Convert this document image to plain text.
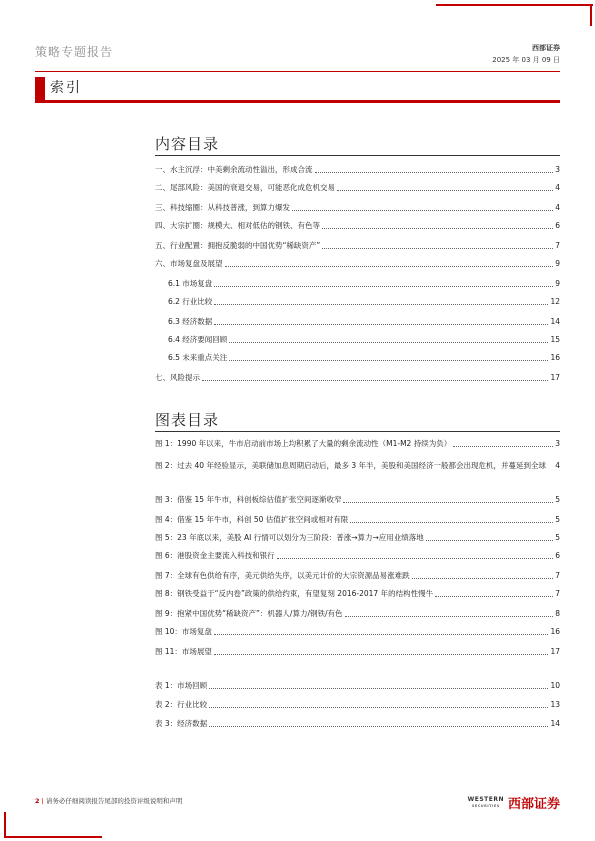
策略专题报告	西部证券
2025 年 03 月 09 日
索引
内容目录
一、水主沉浮：中美剩余流动性溢出，形成合流	3
二、尾部风险：美国的衰退交易，可能恶化成危机交易	4
三、科技缩圈：从科技普涨，到算力爆发	4
四、大宗扩圈：规模大、相对低估的钢铁、有色等	6
五、行业配置：拥抱反脆弱的中国优势“稀缺资产”	7
六、市场复盘及展望	9
6.1 市场复盘	9
6.2 行业比较	12
6.3 经济数据	14
6.4 经济要闻回顾	15
6.5 未来重点关注	16
七、风险提示	17
图表目录
图 1：1990 年以来，牛市启动前市场上均积累了大量的剩余流动性（M1-M2 持续为负）	3
图 2：过去 40 年经验显示，美联储加息周期启动后，最多 3 年半，美股和美国经济一般都会出现危机，并蔓延到全球	4
图 3：借鉴 15 年牛市，科创板综估值扩张空间逐渐收窄	5
图 4：借鉴 15 年牛市，科创 50 估值扩张空间或相对有限	5
图 5：23 年底以来，美股 AI 行情可以划分为三阶段：普涨→算力→应用业绩落地	5
图 6：港股资金主要流入科技和银行	6
图 7：全球有色供给有序，美元供给失序，以美元计价的大宗资源品易涨难跌	7
图 8：钢铁受益于“反内卷”政策的供给约束，有望复刻 2016-2017 年的结构性慢牛	7
图 9：抱紧中国优势“稀缺资产”：机器人/算力/钢铁/有色	8
图 10：市场复盘	16
图 11：市场展望	17
表 1：市场回顾	10
表 2：行业比较	13
表 3：经济数据	14
2 | 请务必仔细阅读报告尾部的投资评级说明和声明	WESTERN
SECURITIES 西部证券
